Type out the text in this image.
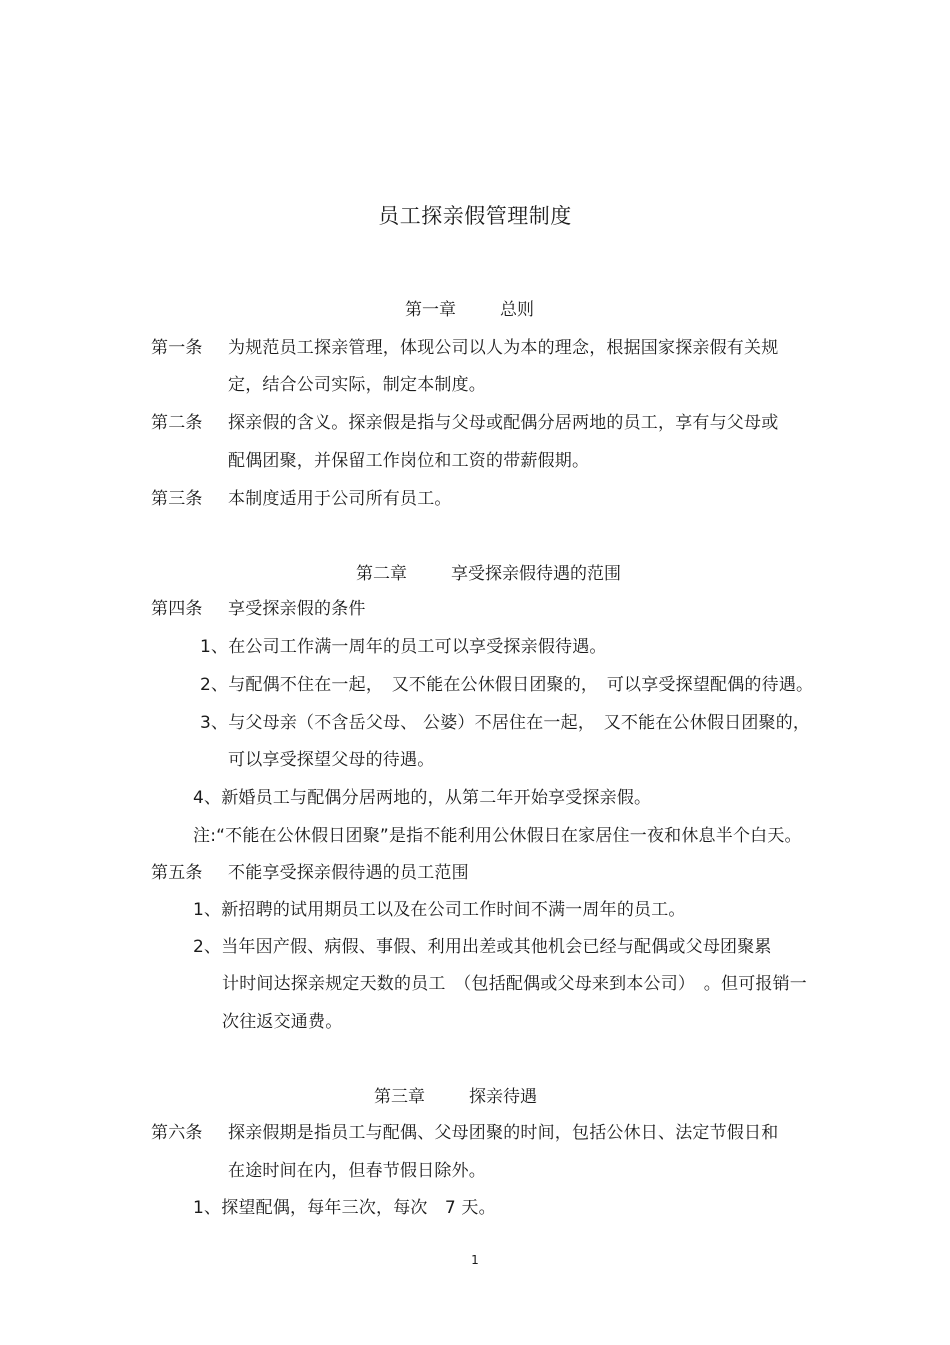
员工探亲假管理制度
第一章	总则
第一条 为规范员工探亲管理，体现公司以人为本的理念，根据国家探亲假有关规
定，结合公司实际，制定本制度。
第二条 探亲假的含义。探亲假是指与父母或配偶分居两地的员工，享有与父母或
配偶团聚，并保留工作岗位和工资的带薪假期。
第三条 本制度适用于公司所有员工。
第二章	享受探亲假待遇的范围
第四条 享受探亲假的条件
1、在公司工作满一周年的员工可以享受探亲假待遇。
2、与配偶不住在一起，　又不能在公休假日团聚的，　可以享受探望配偶的待遇。
3、与父母亲（不含岳父母、 公婆）不居住在一起，　又不能在公休假日团聚的，
可以享受探望父母的待遇。
4、新婚员工与配偶分居两地的，从第二年开始享受探亲假。
注:“不能在公休假日团聚”是指不能利用公休假日在家居住一夜和休息半个白天。
第五条 不能享受探亲假待遇的员工范围
1、新招聘的试用期员工以及在公司工作时间不满一周年的员工。
2、当年因产假、病假、事假、利用出差或其他机会已经与配偶或父母团聚累
计时间达探亲规定天数的员工　（包括配偶或父母来到本公司）　。但可报销一
次往返交通费。
第三章	探亲待遇
第六条 探亲假期是指员工与配偶、父母团聚的时间，包括公休日、法定节假日和
在途时间在内，但春节假日除外。
1、探望配偶，每年三次，每次　7 天。
1
